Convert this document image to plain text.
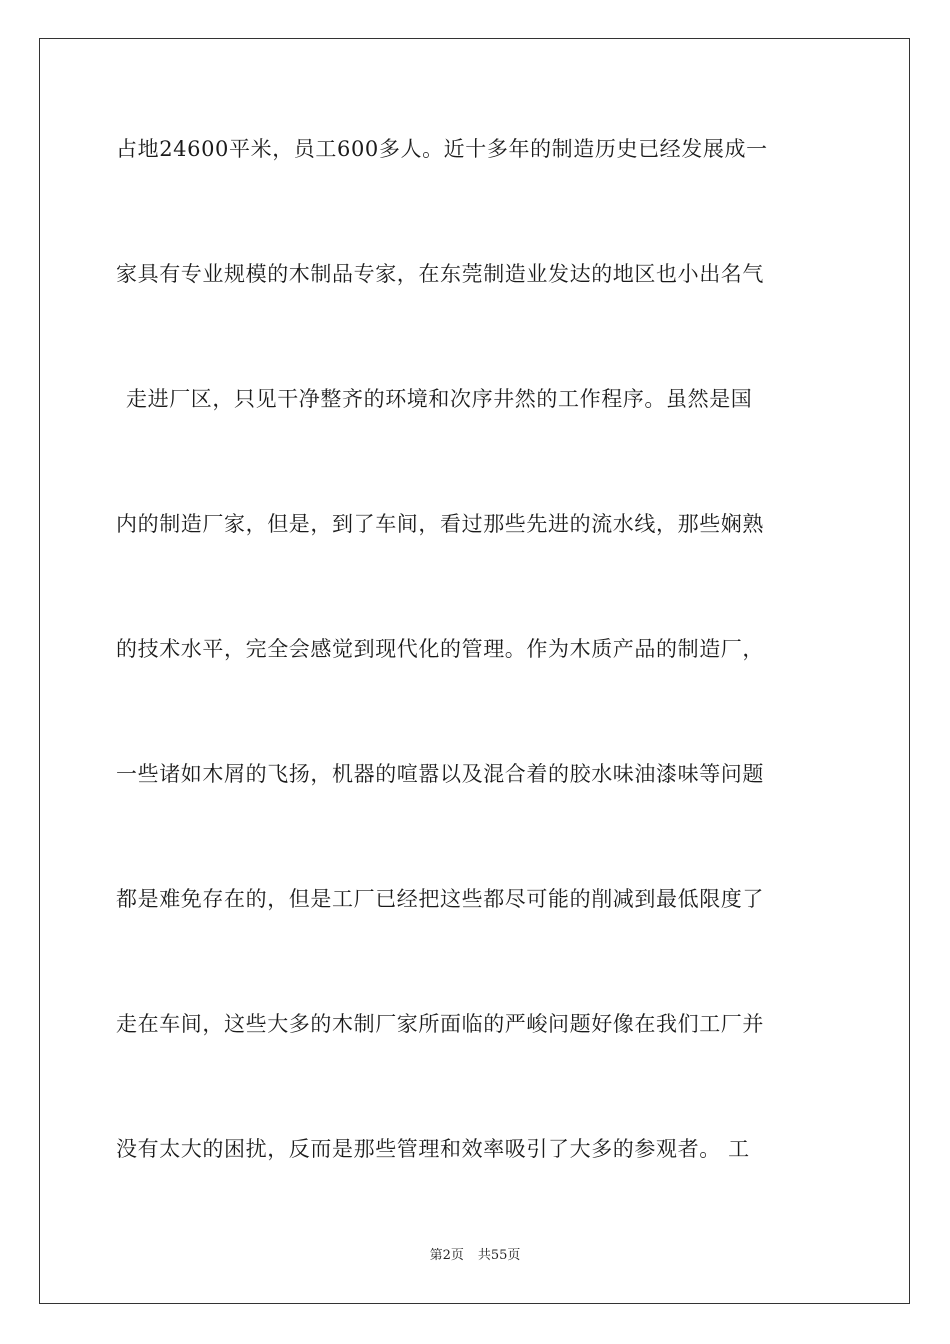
占地24600平米，员工600多人。近十多年的制造历史已经发展成一
家具有专业规模的木制品专家，在东莞制造业发达的地区也小出名气
走进厂区，只见干净整齐的环境和次序井然的工作程序。虽然是国
内的制造厂家，但是，到了车间，看过那些先进的流水线，那些娴熟
的技术水平，完全会感觉到现代化的管理。作为木质产品的制造厂，
一些诸如木屑的飞扬，机器的喧嚣以及混合着的胶水味油漆味等问题
都是难免存在的，但是工厂已经把这些都尽可能的削减到最低限度了
走在车间，这些大多的木制厂家所面临的严峻问题好像在我们工厂并
没有太大的困扰，反而是那些管理和效率吸引了大多的参观者。 工
第2页 共55页
